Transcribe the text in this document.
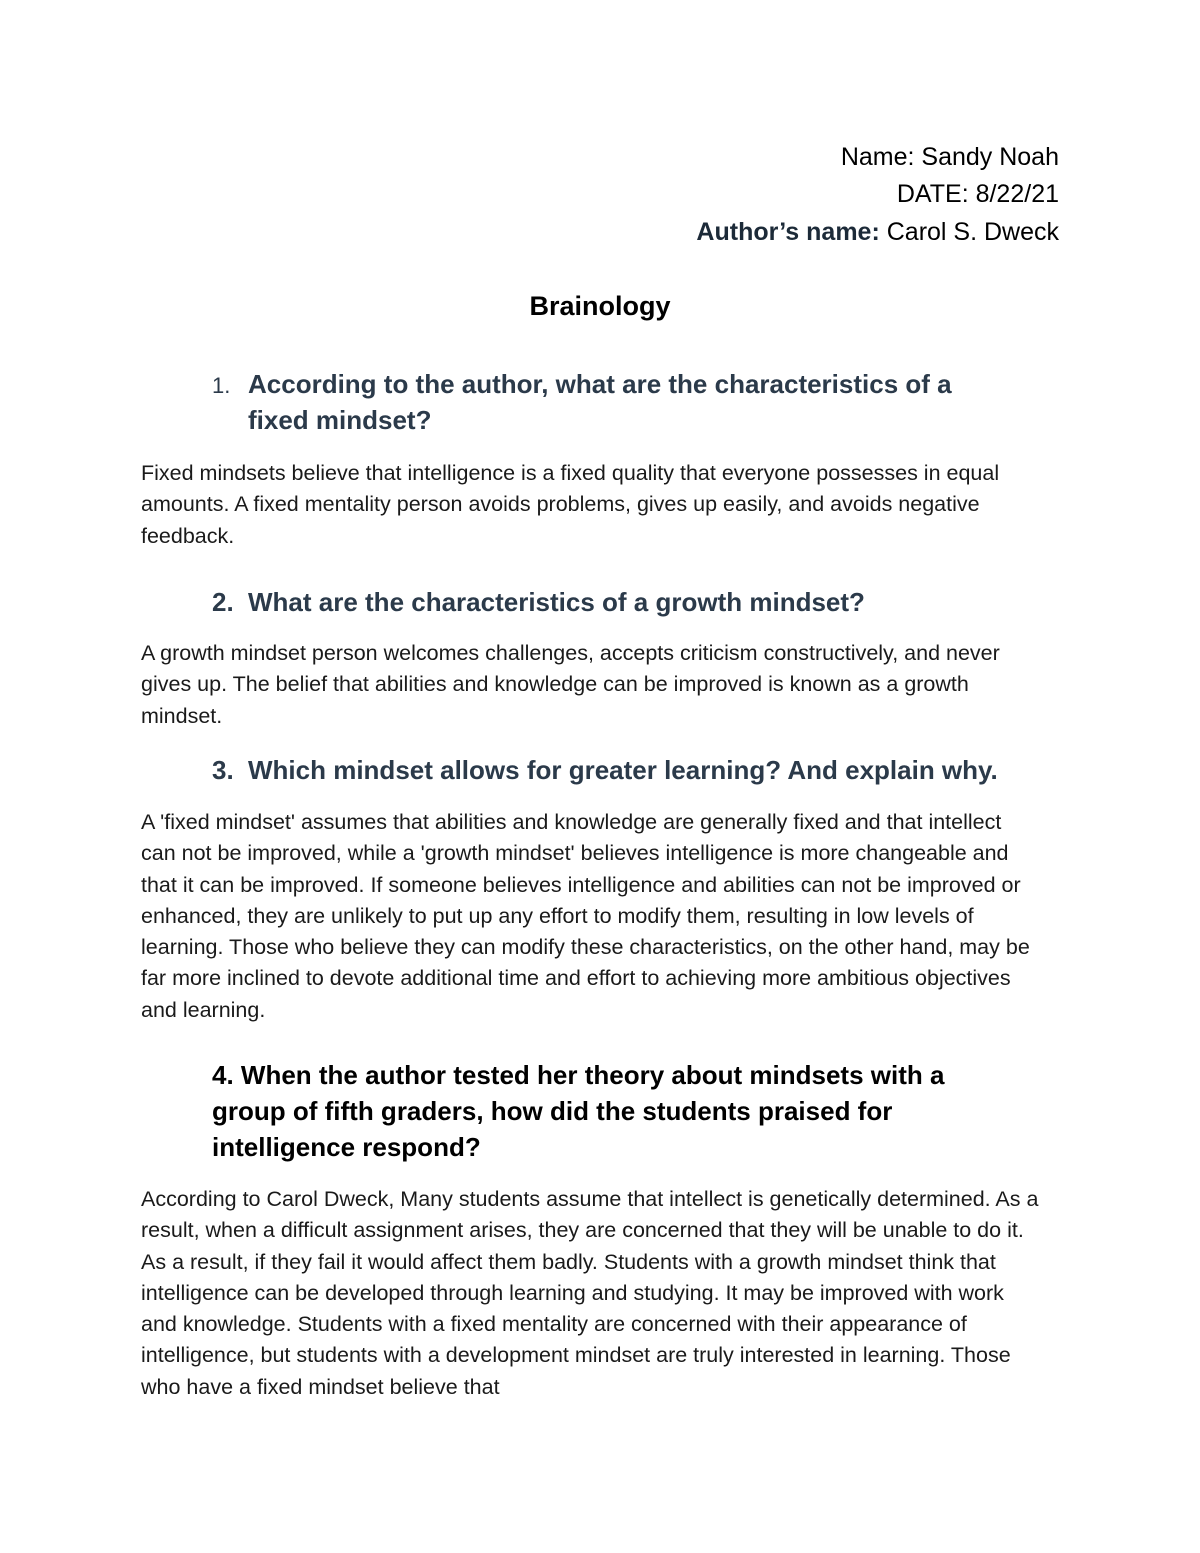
Name: Sandy Noah
DATE: 8/22/21
Author’s name: Carol S. Dweck
Brainology
1. According to the author, what are the characteristics of a fixed mindset?
Fixed mindsets believe that intelligence is a fixed quality that everyone possesses in equal amounts. A fixed mentality person avoids problems, gives up easily, and avoids negative feedback.
2. What are the characteristics of a growth mindset?
A growth mindset person welcomes challenges, accepts criticism constructively, and never gives up. The belief that abilities and knowledge can be improved is known as a growth mindset.
3. Which mindset allows for greater learning? And explain why.
A 'fixed mindset' assumes that abilities and knowledge are generally fixed and that intellect can not be improved, while a 'growth mindset' believes intelligence is more changeable and that it can be improved. If someone believes intelligence and abilities can not be improved or enhanced, they are unlikely to put up any effort to modify them, resulting in low levels of learning. Those who believe they can modify these characteristics, on the other hand, may be far more inclined to devote additional time and effort to achieving more ambitious objectives and learning.
4. When the author tested her theory about mindsets with a group of fifth graders, how did the students praised for intelligence respond?
According to Carol Dweck, Many students assume that intellect is genetically determined. As a result, when a difficult assignment arises, they are concerned that they will be unable to do it. As a result, if they fail it would affect them badly. Students with a growth mindset think that intelligence can be developed through learning and studying. It may be improved with work and knowledge. Students with a fixed mentality are concerned with their appearance of intelligence, but students with a development mindset are truly interested in learning. Those who have a fixed mindset believe that
